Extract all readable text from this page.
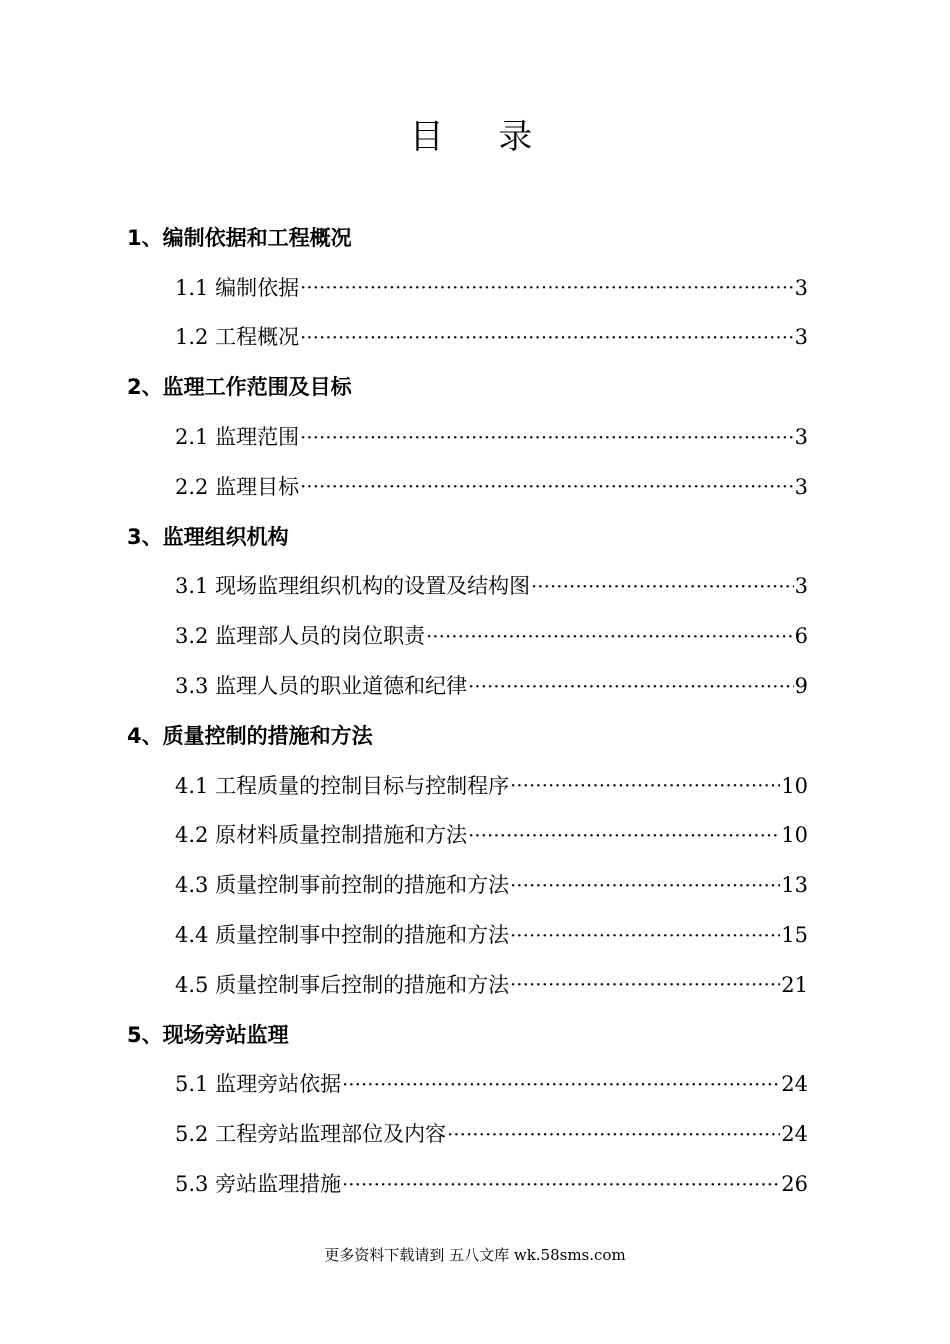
目 录
1、编制依据和工程概况
1.1 编制依据 ·····	3
1.2 工程概况 ·····	3
2、监理工作范围及目标
2.1 监理范围 ·····	3
2.2 监理目标 ·····	3
3、监理组织机构
3.1 现场监理组织机构的设置及结构图 ·····	3
3.2 监理部人员的岗位职责 ·····	6
3.3 监理人员的职业道德和纪律 ·····	9
4、质量控制的措施和方法
4.1 工程质量的控制目标与控制程序 ·····	10
4.2 原材料质量控制措施和方法 ·····	10
4.3 质量控制事前控制的措施和方法 ·····	13
4.4 质量控制事中控制的措施和方法 ·····	15
4.5 质量控制事后控制的措施和方法 ·····	21
5、现场旁站监理
5.1 监理旁站依据 ·····	24
5.2 工程旁站监理部位及内容 ·····	24
5.3 旁站监理措施 ·····	26
更多资料下载请到 五八文库 wk.58sms.com
